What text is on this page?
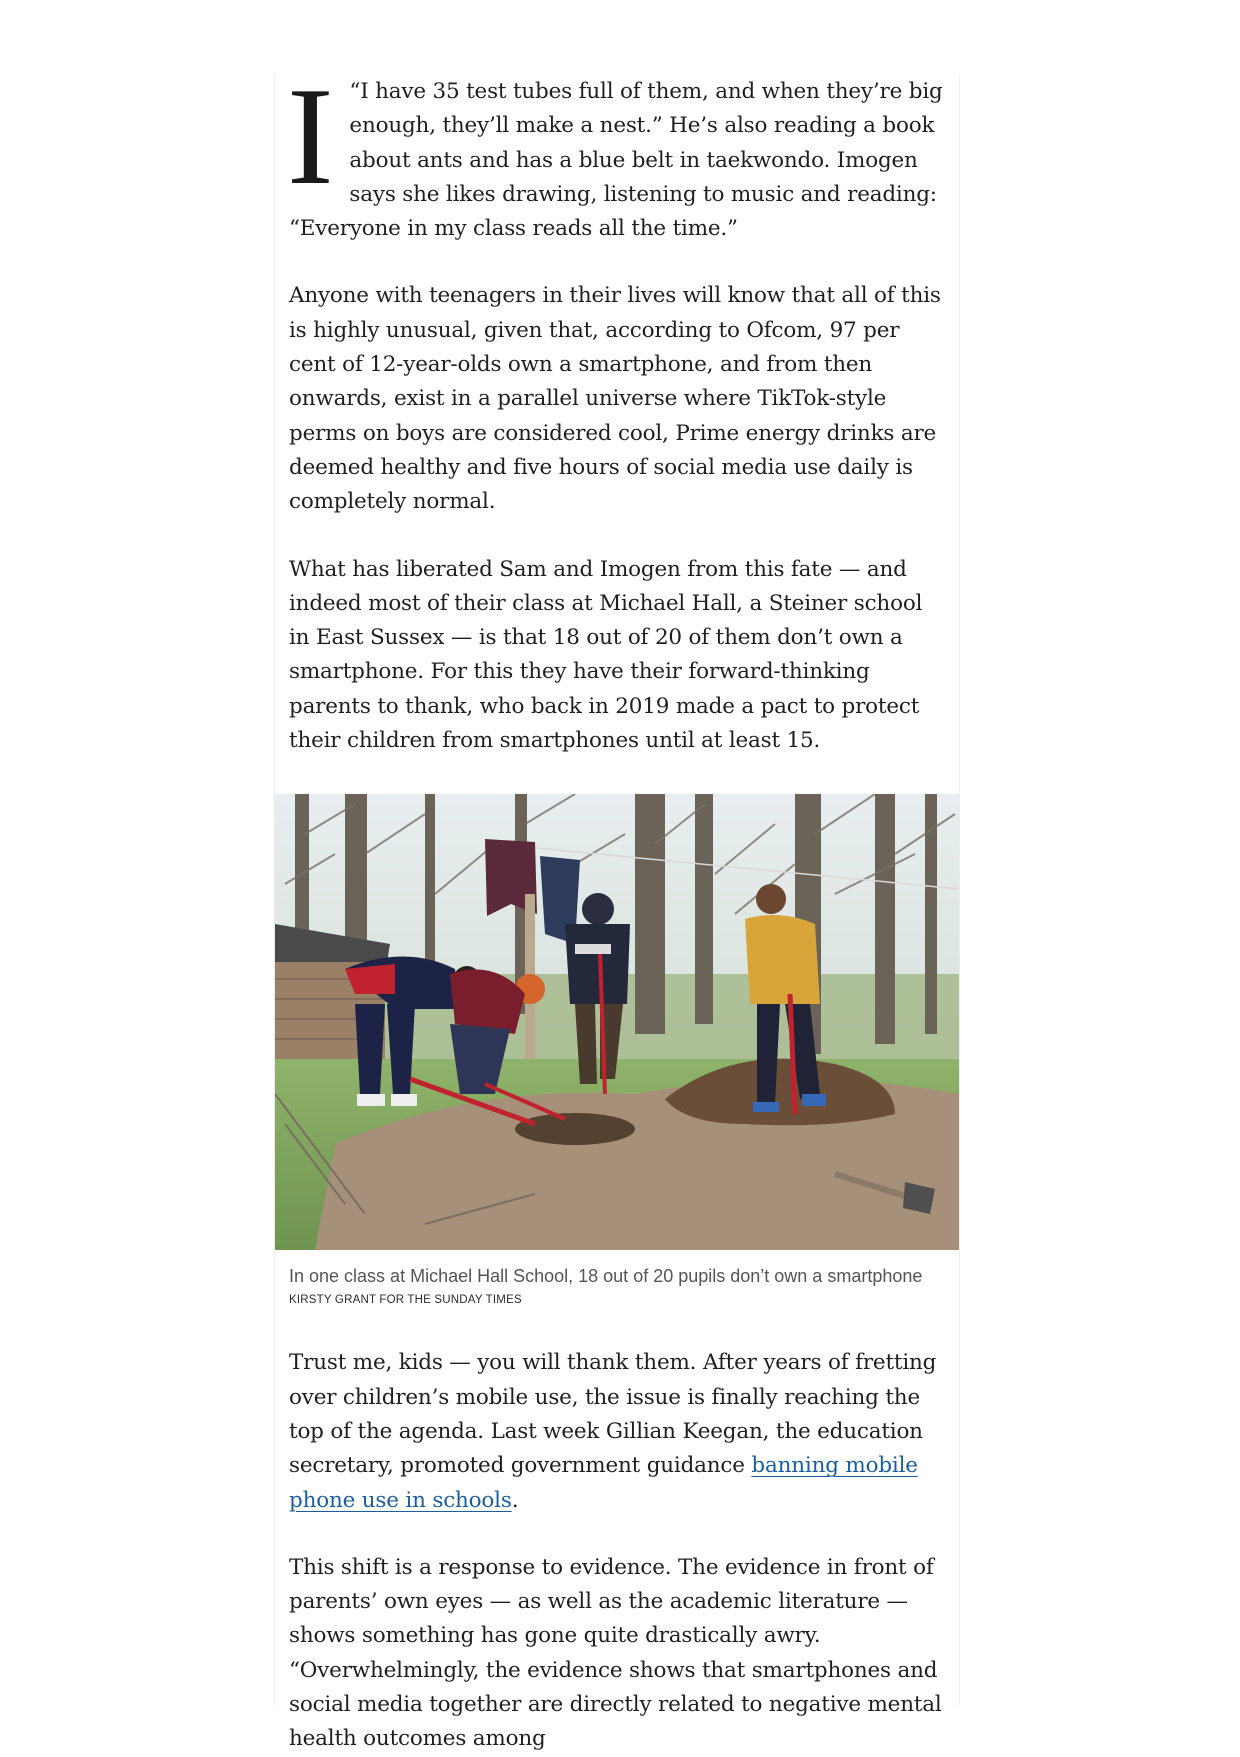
I “I have 35 test tubes full of them, and when they’re big enough, they’ll make a nest.” He’s also reading a book about ants and has a blue belt in taekwondo. Imogen says she likes drawing, listening to music and reading: “Everyone in my class reads all the time.”

Anyone with teenagers in their lives will know that all of this is highly unusual, given that, according to Ofcom, 97 per cent of 12-year-olds own a smartphone, and from then onwards, exist in a parallel universe where TikTok-style perms on boys are considered cool, Prime energy drinks are deemed healthy and five hours of social media use daily is completely normal.

What has liberated Sam and Imogen from this fate — and indeed most of their class at Michael Hall, a Steiner school in East Sussex — is that 18 out of 20 of them don’t own a smartphone. For this they have their forward-thinking parents to thank, who back in 2019 made a pact to protect their children from smartphones until at least 15.

In one class at Michael Hall School, 18 out of 20 pupils don’t own a smartphone
KIRSTY GRANT FOR THE SUNDAY TIMES

Trust me, kids — you will thank them. After years of fretting over children’s mobile use, the issue is finally reaching the top of the agenda. Last week Gillian Keegan, the education secretary, promoted government guidance banning mobile phone use in schools.

This shift is a response to evidence. The evidence in front of parents’ own eyes — as well as the academic literature — shows something has gone quite drastically awry. “Overwhelmingly, the evidence shows that smartphones and social media together are directly related to negative mental health outcomes among
